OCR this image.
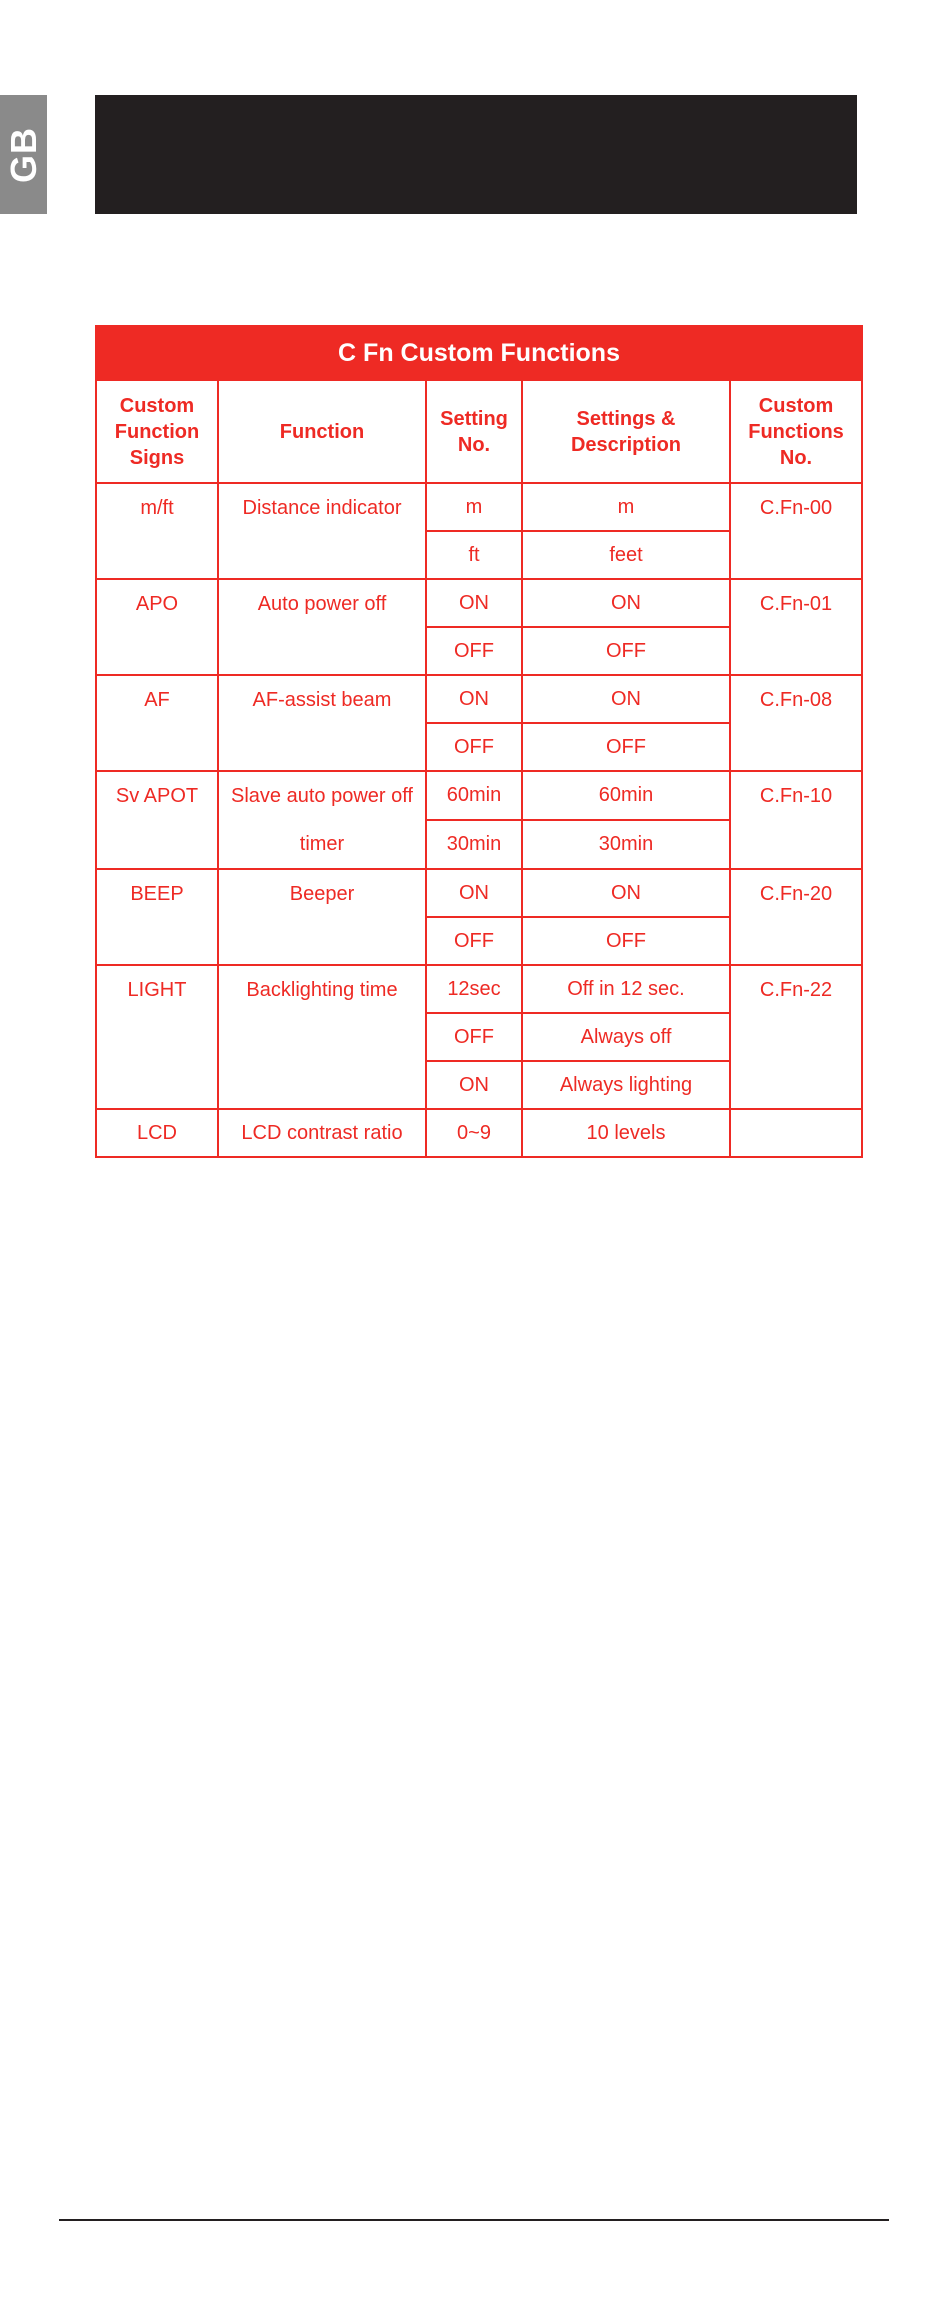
GB
C Fn Custom Functions				
Custom Function Signs	Function	Setting No.	Settings & Description	Custom Functions No.
m/ft	Distance indicator	m	m	C.Fn-00
		ft	feet	
APO	Auto power off	ON	ON	C.Fn-01
		OFF	OFF	
AF	AF-assist beam	ON	ON	C.Fn-08
		OFF	OFF	
Sv APOT	Slave auto power off timer	60min	60min	C.Fn-10
		30min	30min	
BEEP	Beeper	ON	ON	C.Fn-20
		OFF	OFF	
LIGHT	Backlighting time	12sec	Off in 12 sec.	C.Fn-22
		OFF	Always off	
		ON	Always lighting	
LCD	LCD contrast ratio	0~9	10 levels	
